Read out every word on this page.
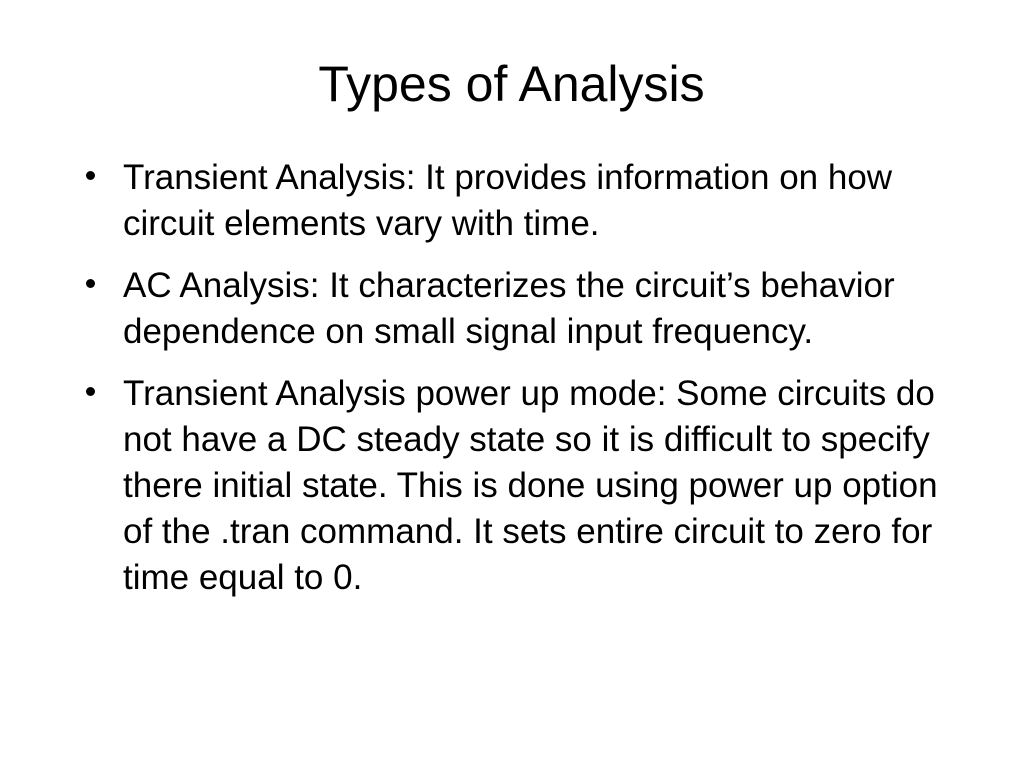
Types of Analysis
Transient Analysis: It provides information on how circuit elements vary with time.
AC Analysis: It characterizes the circuit’s behavior dependence on small signal input frequency.
Transient Analysis power up mode: Some circuits do not have a DC steady state so it is difficult to specify there initial state. This is done using power up option of the .tran command. It sets entire circuit to zero for time equal to 0.
